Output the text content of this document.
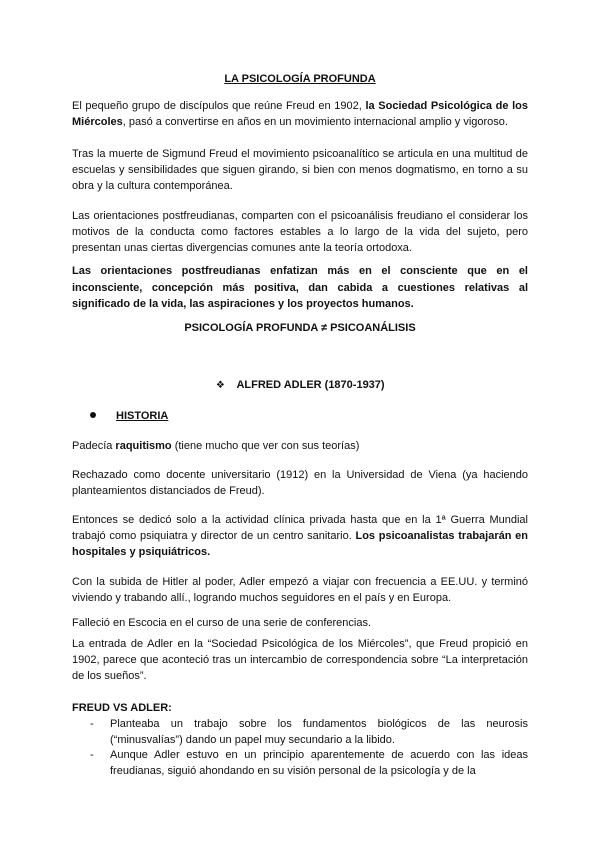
LA PSICOLOGÍA PROFUNDA

El pequeño grupo de discípulos que reúne Freud en 1902, la Sociedad Psicológica de los Miércoles, pasó a convertirse en años en un movimiento internacional amplio y vigoroso.

Tras la muerte de Sigmund Freud el movimiento psicoanalítico se articula en una multitud de escuelas y sensibilidades que siguen girando, si bien con menos dogmatismo, en torno a su obra y la cultura contemporánea.

Las orientaciones postfreudianas, comparten con el psicoanálisis freudiano el considerar los motivos de la conducta como factores estables a lo largo de la vida del sujeto, pero presentan unas ciertas divergencias comunes ante la teoría ortodoxa.

Las orientaciones postfreudianas enfatizan más en el consciente que en el inconsciente, concepción más positiva, dan cabida a cuestiones relativas al significado de la vida, las aspiraciones y los proyectos humanos.

PSICOLOGÍA PROFUNDA ≠ PSICOANÁLISIS

❖ ALFRED ADLER (1870-1937)

HISTORIA

Padecía raquitismo (tiene mucho que ver con sus teorías)

Rechazado como docente universitario (1912) en la Universidad de Viena (ya haciendo planteamientos distanciados de Freud).

Entonces se dedicó solo a la actividad clínica privada hasta que en la 1ª Guerra Mundial trabajó como psiquiatra y director de un centro sanitario. Los psicoanalistas trabajarán en hospitales y psiquiátricos.

Con la subida de Hitler al poder, Adler empezó a viajar con frecuencia a EE.UU. y terminó viviendo y trabando allí., logrando muchos seguidores en el país y en Europa.

Falleció en Escocia en el curso de una serie de conferencias.

La entrada de Adler en la “Sociedad Psicológica de los Miércoles”, que Freud propició en 1902, parece que aconteció tras un intercambio de correspondencia sobre “La interpretación de los sueños”.

FREUD VS ADLER:

- Planteaba un trabajo sobre los fundamentos biológicos de las neurosis (“minusvalías”) dando un papel muy secundario a la libido.
- Aunque Adler estuvo en un principio aparentemente de acuerdo con las ideas freudianas, siguió ahondando en su visión personal de la psicología y de la
